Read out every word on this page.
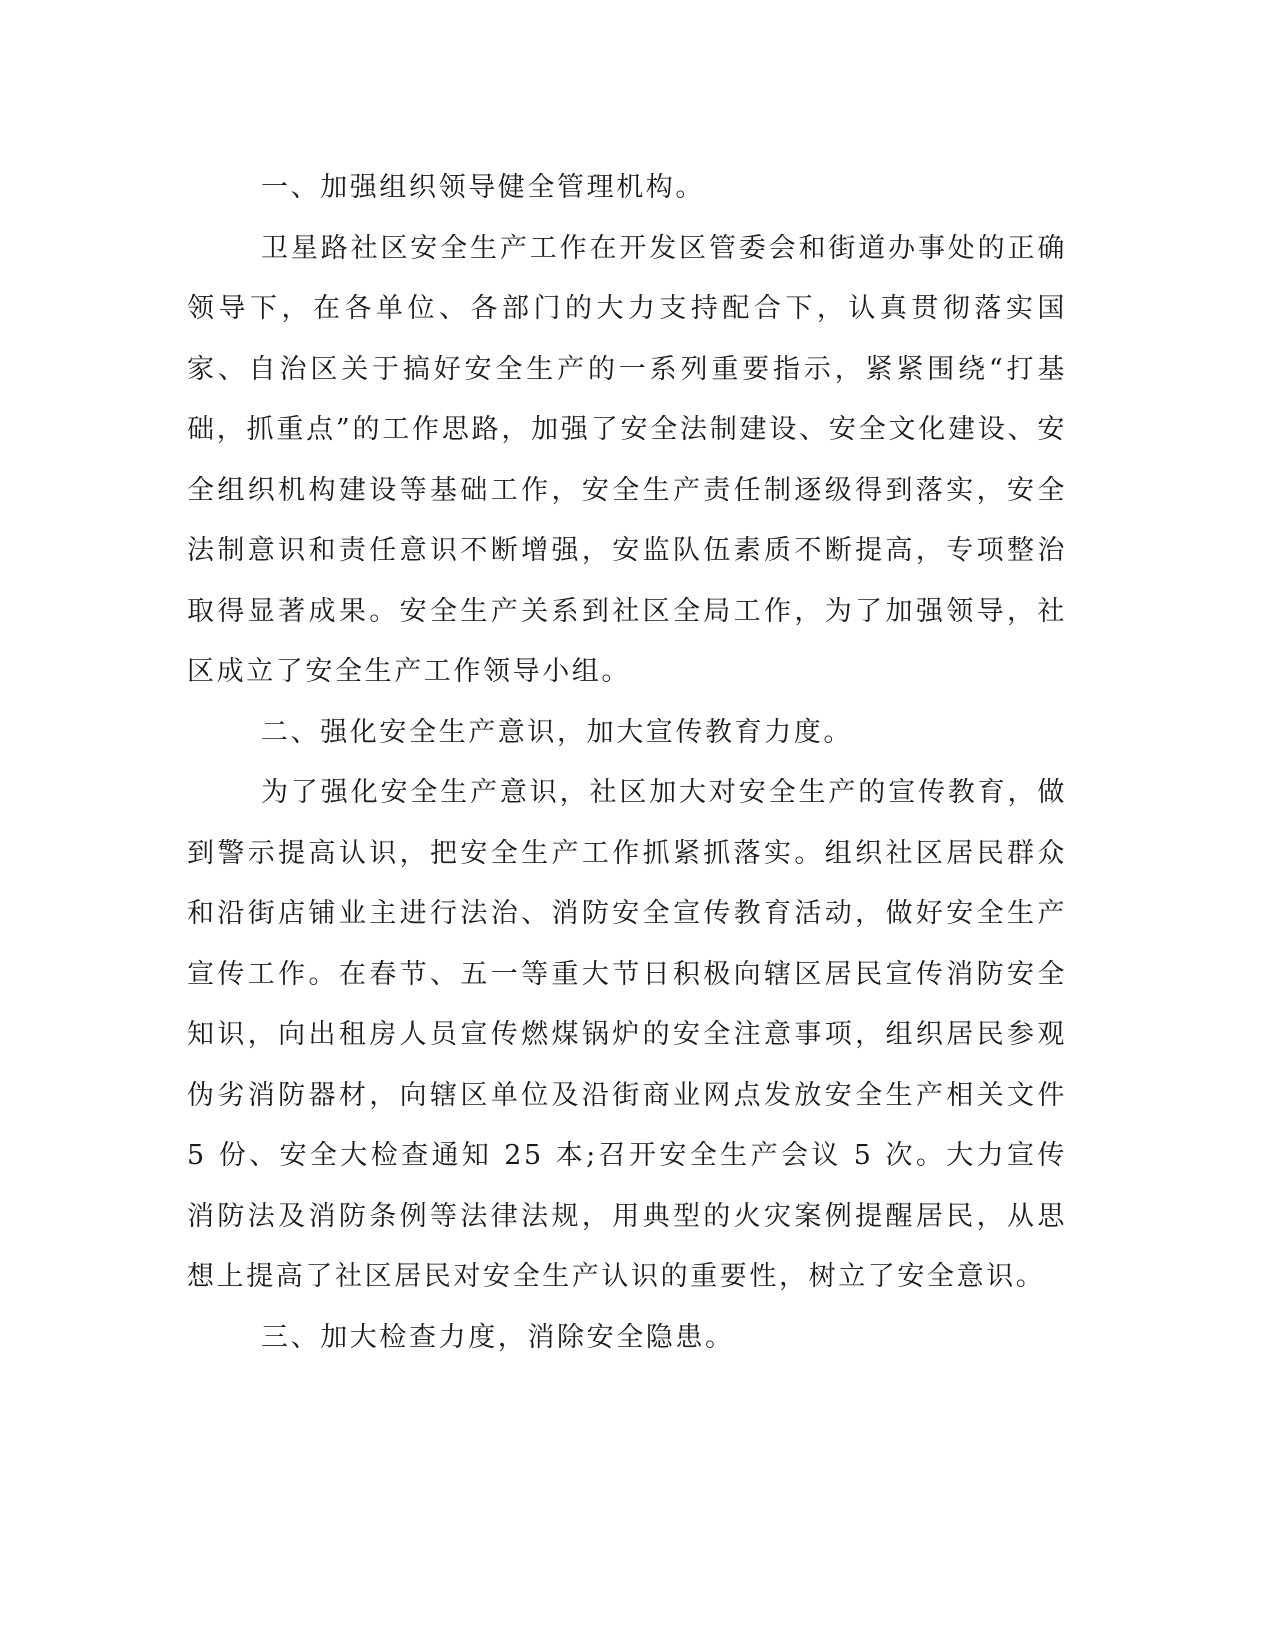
一、加强组织领导健全管理机构。

卫星路社区安全生产工作在开发区管委会和街道办事处的正确领导下，在各单位、各部门的大力支持配合下，认真贯彻落实国家、自治区关于搞好安全生产的一系列重要指示，紧紧围绕“打基础，抓重点”的工作思路，加强了安全法制建设、安全文化建设、安全组织机构建设等基础工作，安全生产责任制逐级得到落实，安全法制意识和责任意识不断增强，安监队伍素质不断提高，专项整治取得显著成果。安全生产关系到社区全局工作，为了加强领导，社区成立了安全生产工作领导小组。

二、强化安全生产意识，加大宣传教育力度。

为了强化安全生产意识，社区加大对安全生产的宣传教育，做到警示提高认识，把安全生产工作抓紧抓落实。组织社区居民群众和沿街店铺业主进行法治、消防安全宣传教育活动，做好安全生产宣传工作。在春节、五一等重大节日积极向辖区居民宣传消防安全知识，向出租房人员宣传燃煤锅炉的安全注意事项，组织居民参观伪劣消防器材，向辖区单位及沿街商业网点发放安全生产相关文件 5 份、安全大检查通知 25 本;召开安全生产会议 5 次。大力宣传消防法及消防条例等法律法规，用典型的火灾案例提醒居民，从思想上提高了社区居民对安全生产认识的重要性，树立了安全意识。

三、加大检查力度，消除安全隐患。
